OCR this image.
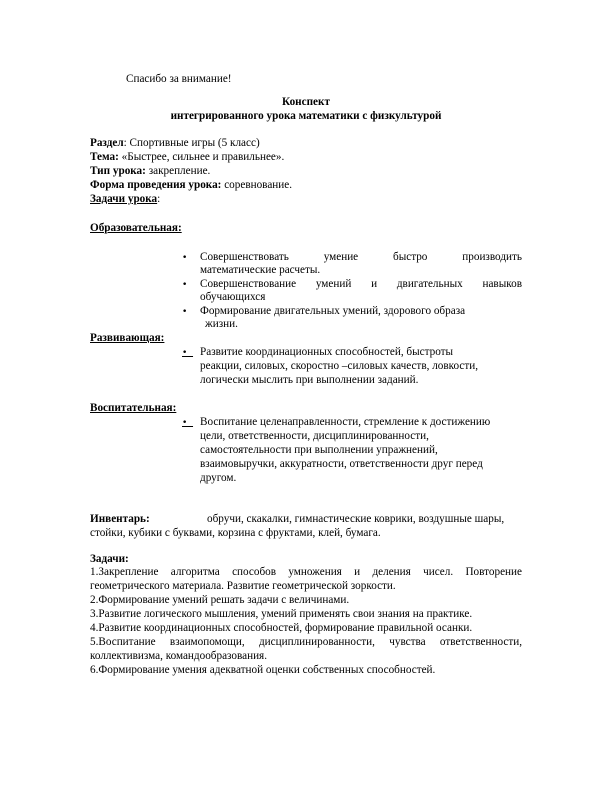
Спасибо за внимание!
Конспект
интегрированного урока математики с физкультурой
Раздел: Спортивные игры (5 класс)
Тема: «Быстрее, сильнее и правильнее».
Тип урока: закрепление.
Форма проведения урока: соревнование.
Задачи урока:
Образовательная:
• Совершенствовать	умение	быстро	производить
математические расчеты.
• Совершенствование умений и двигательных навыков
обучающихся
• Формирование двигательных умений, здорового образа
жизни.
Развивающая:
• Развитие координационных способностей, быстроты
реакции, силовых, скоростно –силовых качеств, ловкости,
логически мыслить при выполнении заданий.
Воспитательная:
• Воспитание целенаправленности, стремление к достижению
цели, ответственности, дисциплинированности,
самостоятельности при выполнении упражнений,
взаимовыручки, аккуратности, ответственности друг перед
другом.
Инвентарь:	обручи, скакалки, гимнастические коврики, воздушные шары,
стойки, кубики с буквами, корзина с фруктами, клей, бумага.
Задачи:
1.Закрепление алгоритма способов умножения и деления чисел. Повторение
геометрического материала. Развитие геометрической зоркости.
2.Формирование умений решать задачи с величинами.
3.Развитие логического мышления, умений применять свои знания на практике.
4.Развитие координационных способностей, формирование правильной осанки.
5.Воспитание взаимопомощи, дисциплинированности, чувства ответственности,
коллективизма, командообразования.
6.Формирование умения адекватной оценки собственных способностей.
